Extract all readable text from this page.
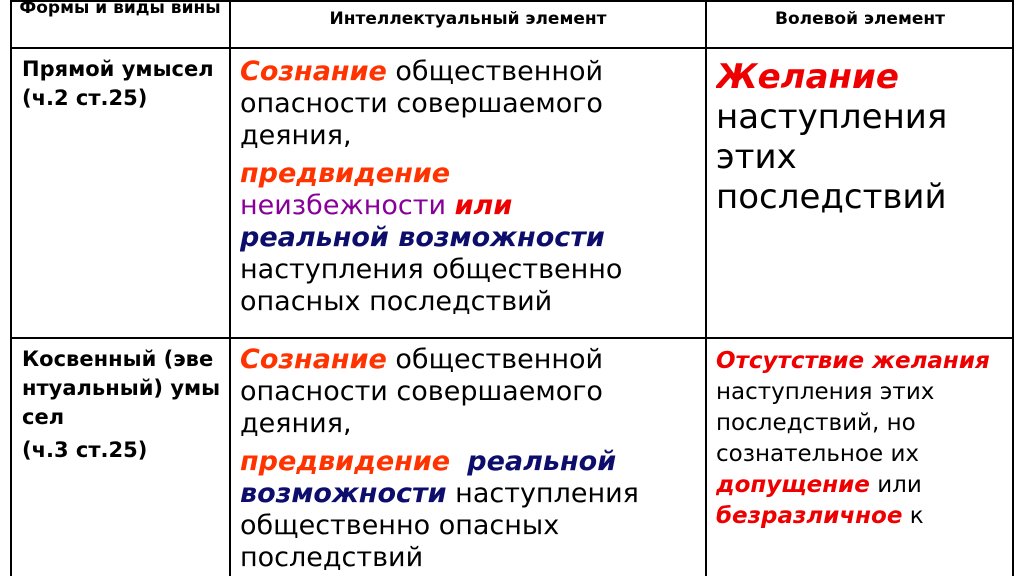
Формы и виды вины
Интеллектуальный элемент	Волевой элемент
Прямой умысел (ч.2 ст.25)

Сознание общественной опасности совершаемого деяния,

предвидение
неизбежности или
реальной возможности
наступления общественно опасных последствий

Желание
наступления этих последствий

Косвенный (эвентуальный) умысел

(ч.3 ст.25)

Сознание общественной опасности совершаемого деяния,

предвидение реальной возможности наступления общественно опасных последствий

Отсутствие желания наступления этих последствий, но сознательное их допущение или безразличное к
